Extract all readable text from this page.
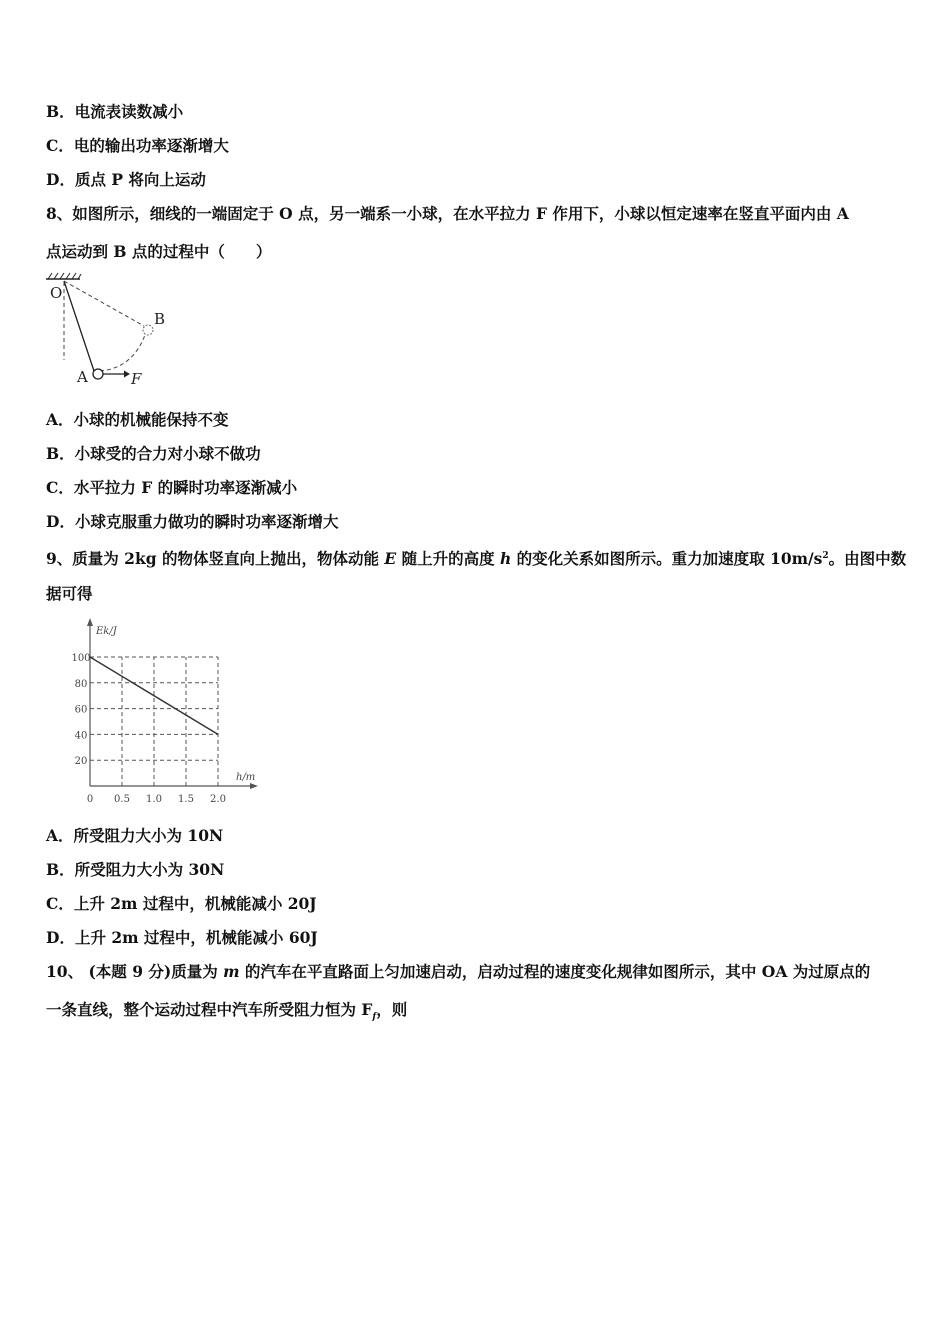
B．电流表读数减小
C．电的输出功率逐渐增大
D．质点 P 将向上运动
8、如图所示，细线的一端固定于 O 点，另一端系一小球，在水平拉力 F 作用下，小球以恒定速率在竖直平面内由 A
点运动到 B 点的过程中（　　）
O
B
A	F
A．小球的机械能保持不变
B．小球受的合力对小球不做功
C．水平拉力 F 的瞬时功率逐渐减小
D．小球克服重力做功的瞬时功率逐渐增大
9、质量为 2kg 的物体竖直向上抛出，物体动能 E 随上升的高度 h 的变化关系如图所示。重力加速度取 $10m/s^2$。由图中数
据可得
Ek/J
h/m
0 0.5 1.0 1.5 2.0
100
80
60
40
20
A．所受阻力大小为 10N
B．所受阻力大小为 30N
C．上升 2m 过程中，机械能减小 20J
D．上升 2m 过程中，机械能减小 60J
10、 (本题 9 分)质量为 m 的汽车在平直路面上匀加速启动，启动过程的速度变化规律如图所示，其中 OA 为过原点的
一条直线，整个运动过程中汽车所受阻力恒为 $F_f$，则
